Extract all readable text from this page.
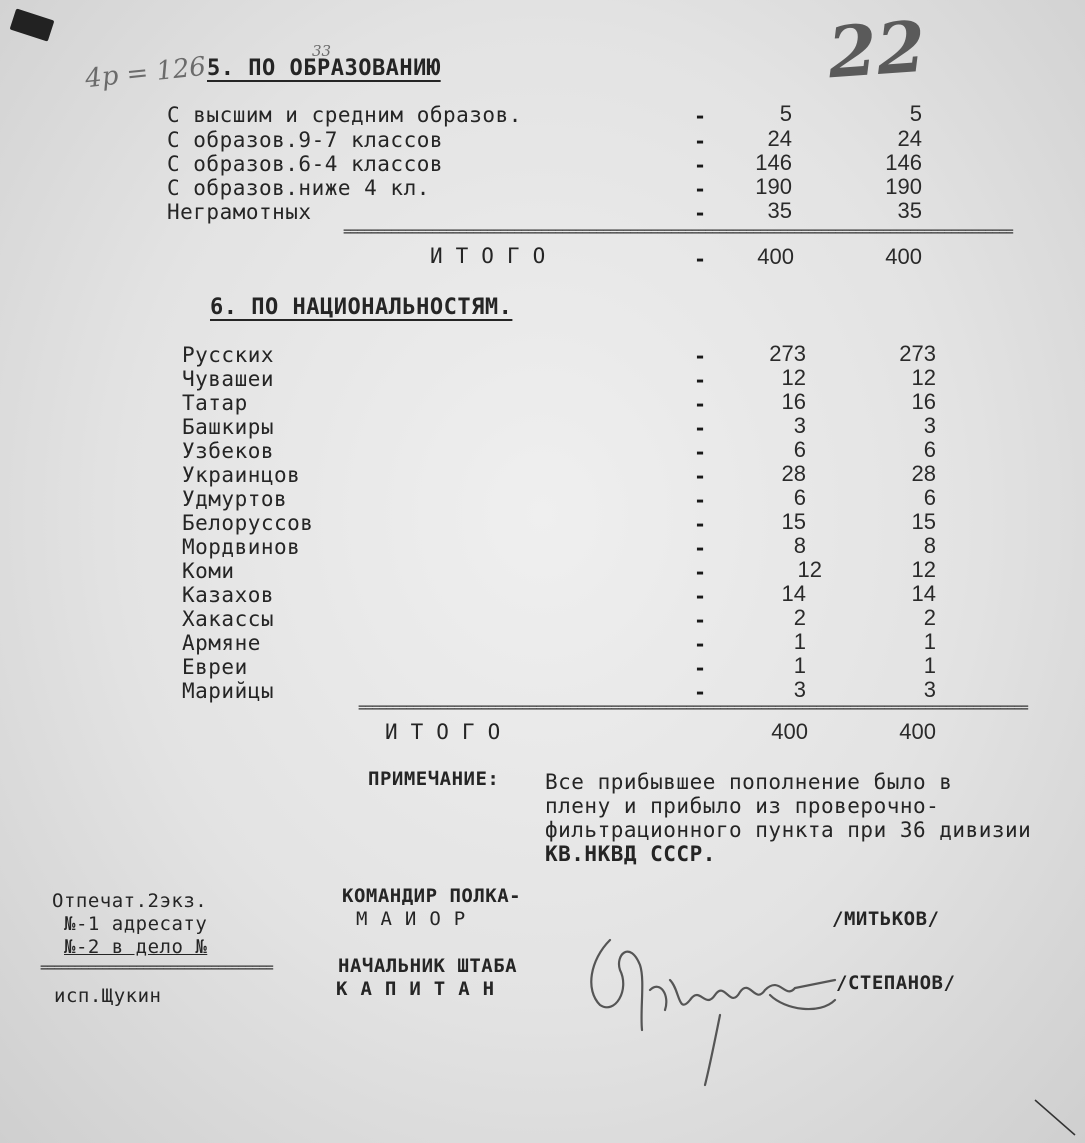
4р = 126
33	22
5. ПО ОБРАЗОВАНИЮ
С высшим и средним образов.	-	5	5
С образов.9-7 классов	-	24	24
С образов.6-4 классов	-	146	146
С образов.ниже 4 кл.	-	190	190
Неграмотных	-	35	35
==================================================================================================
ИТОГО	-	400	400
6. ПО НАЦИОНАЛЬНОСТЯМ.
Русских	-	273	273
Чувашеи	-	12	12
Татар	-	16	16
Башкиры	-	3	3
Узбеков	-	6	6
Украинцов	-	28	28
Удмуртов	-	6	6
Белоруссов	-	15	15
Мордвинов	-	8	8
Коми	-	12	12
Казахов	-	14	14
Хакассы	-	2	2
Армяне	-	1	1
Евреи	-	1	1
Марийцы	-	3	3
==================================================================================================
ИТОГО	400	400
ПРИМЕЧАНИЕ: Все прибывшее пополнение было в
плену и прибыло из проверочно-
фильтрационного пункта при 36 дивизии
КВ.НКВД СССР.
Отпечат.2экз.
№-1 адресату
№-2 в дело №
==================================
исп.Щукин
КОМАНДИР ПОЛКА-
МАИОР	/МИТЬКОВ/
НАЧАЛЬНИК ШТАБА
КАПИТАН	/СТЕПАНОВ/
